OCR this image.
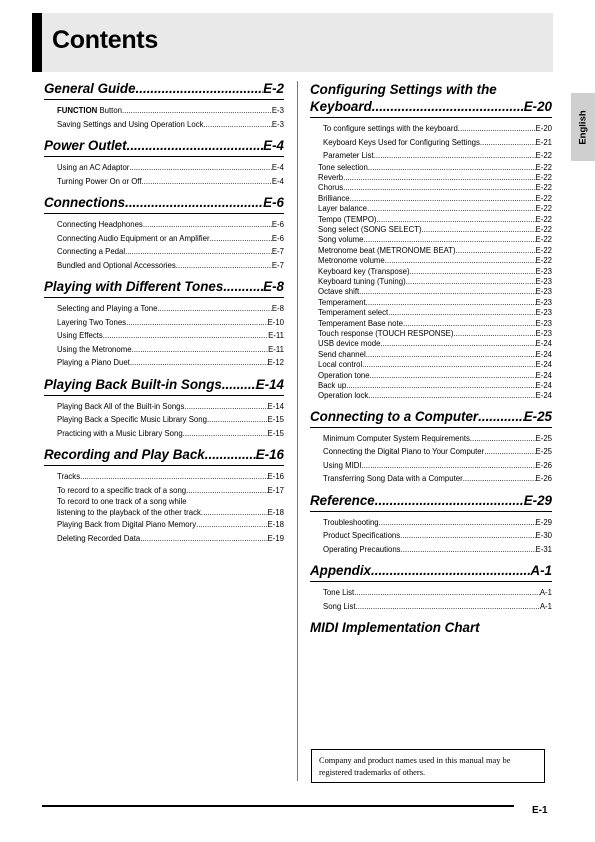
Contents
English
General Guide .....	E-2
FUNCTION Button .....	E-3
Saving Settings and Using Operation Lock .....	E-3
Power Outlet .....	E-4
Using an AC Adaptor .....	E-4
Turning Power On or Off .....	E-4
Connections .....	E-6
Connecting Headphones .....	E-6
Connecting Audio Equipment or an Amplifier .....	E-6
Connecting a Pedal .....	E-7
Bundled and Optional Accessories .....	E-7
Playing with Different Tones .....	E-8
Selecting and Playing a Tone .....	E-8
Layering Two Tones .....	E-10
Using Effects .....	E-11
Using the Metronome .....	E-11
Playing a Piano Duet .....	E-12
Playing Back Built-in Songs .....	E-14
Playing Back All of the Built-in Songs .....	E-14
Playing Back a Specific Music Library Song .....	E-15
Practicing with a Music Library Song .....	E-15
Recording and Play Back .....	E-16
Tracks .....	E-16
To record to a specific track of a song .....	E-17
To record to one track of a song while
listening to the playback of the other track .....	E-18
Playing Back from Digital Piano Memory .....	E-18
Deleting Recorded Data .....	E-19
Configuring Settings with the
Keyboard .....	E-20
To configure settings with the keyboard .....	E-20
Keyboard Keys Used for Configuring Settings .....	E-21
Parameter List .....	E-22
Tone selection .....	E-22
Reverb .....	E-22
Chorus .....	E-22
Brilliance .....	E-22
Layer balance .....	E-22
Tempo (TEMPO) .....	E-22
Song select (SONG SELECT) .....	E-22
Song volume .....	E-22
Metronome beat (METRONOME BEAT) .....	E-22
Metronome volume .....	E-22
Keyboard key (Transpose) .....	E-23
Keyboard tuning (Tuning) .....	E-23
Octave shift .....	E-23
Temperament .....	E-23
Temperament select .....	E-23
Temperament Base note .....	E-23
Touch response (TOUCH RESPONSE) .....	E-23
USB device mode .....	E-24
Send channel .....	E-24
Local control .....	E-24
Operation tone .....	E-24
Back up .....	E-24
Operation lock .....	E-24
Connecting to a Computer .....	E-25
Minimum Computer System Requirements .....	E-25
Connecting the Digital Piano to Your Computer .....	E-25
Using MIDI .....	E-26
Transferring Song Data with a Computer .....	E-26
Reference .....	E-29
Troubleshooting .....	E-29
Product Specifications .....	E-30
Operating Precautions .....	E-31
Appendix .....	A-1
Tone List .....	A-1
Song List .....	A-1
MIDI Implementation Chart
Company and product names used in this manual may be registered trademarks of others.
E-1
